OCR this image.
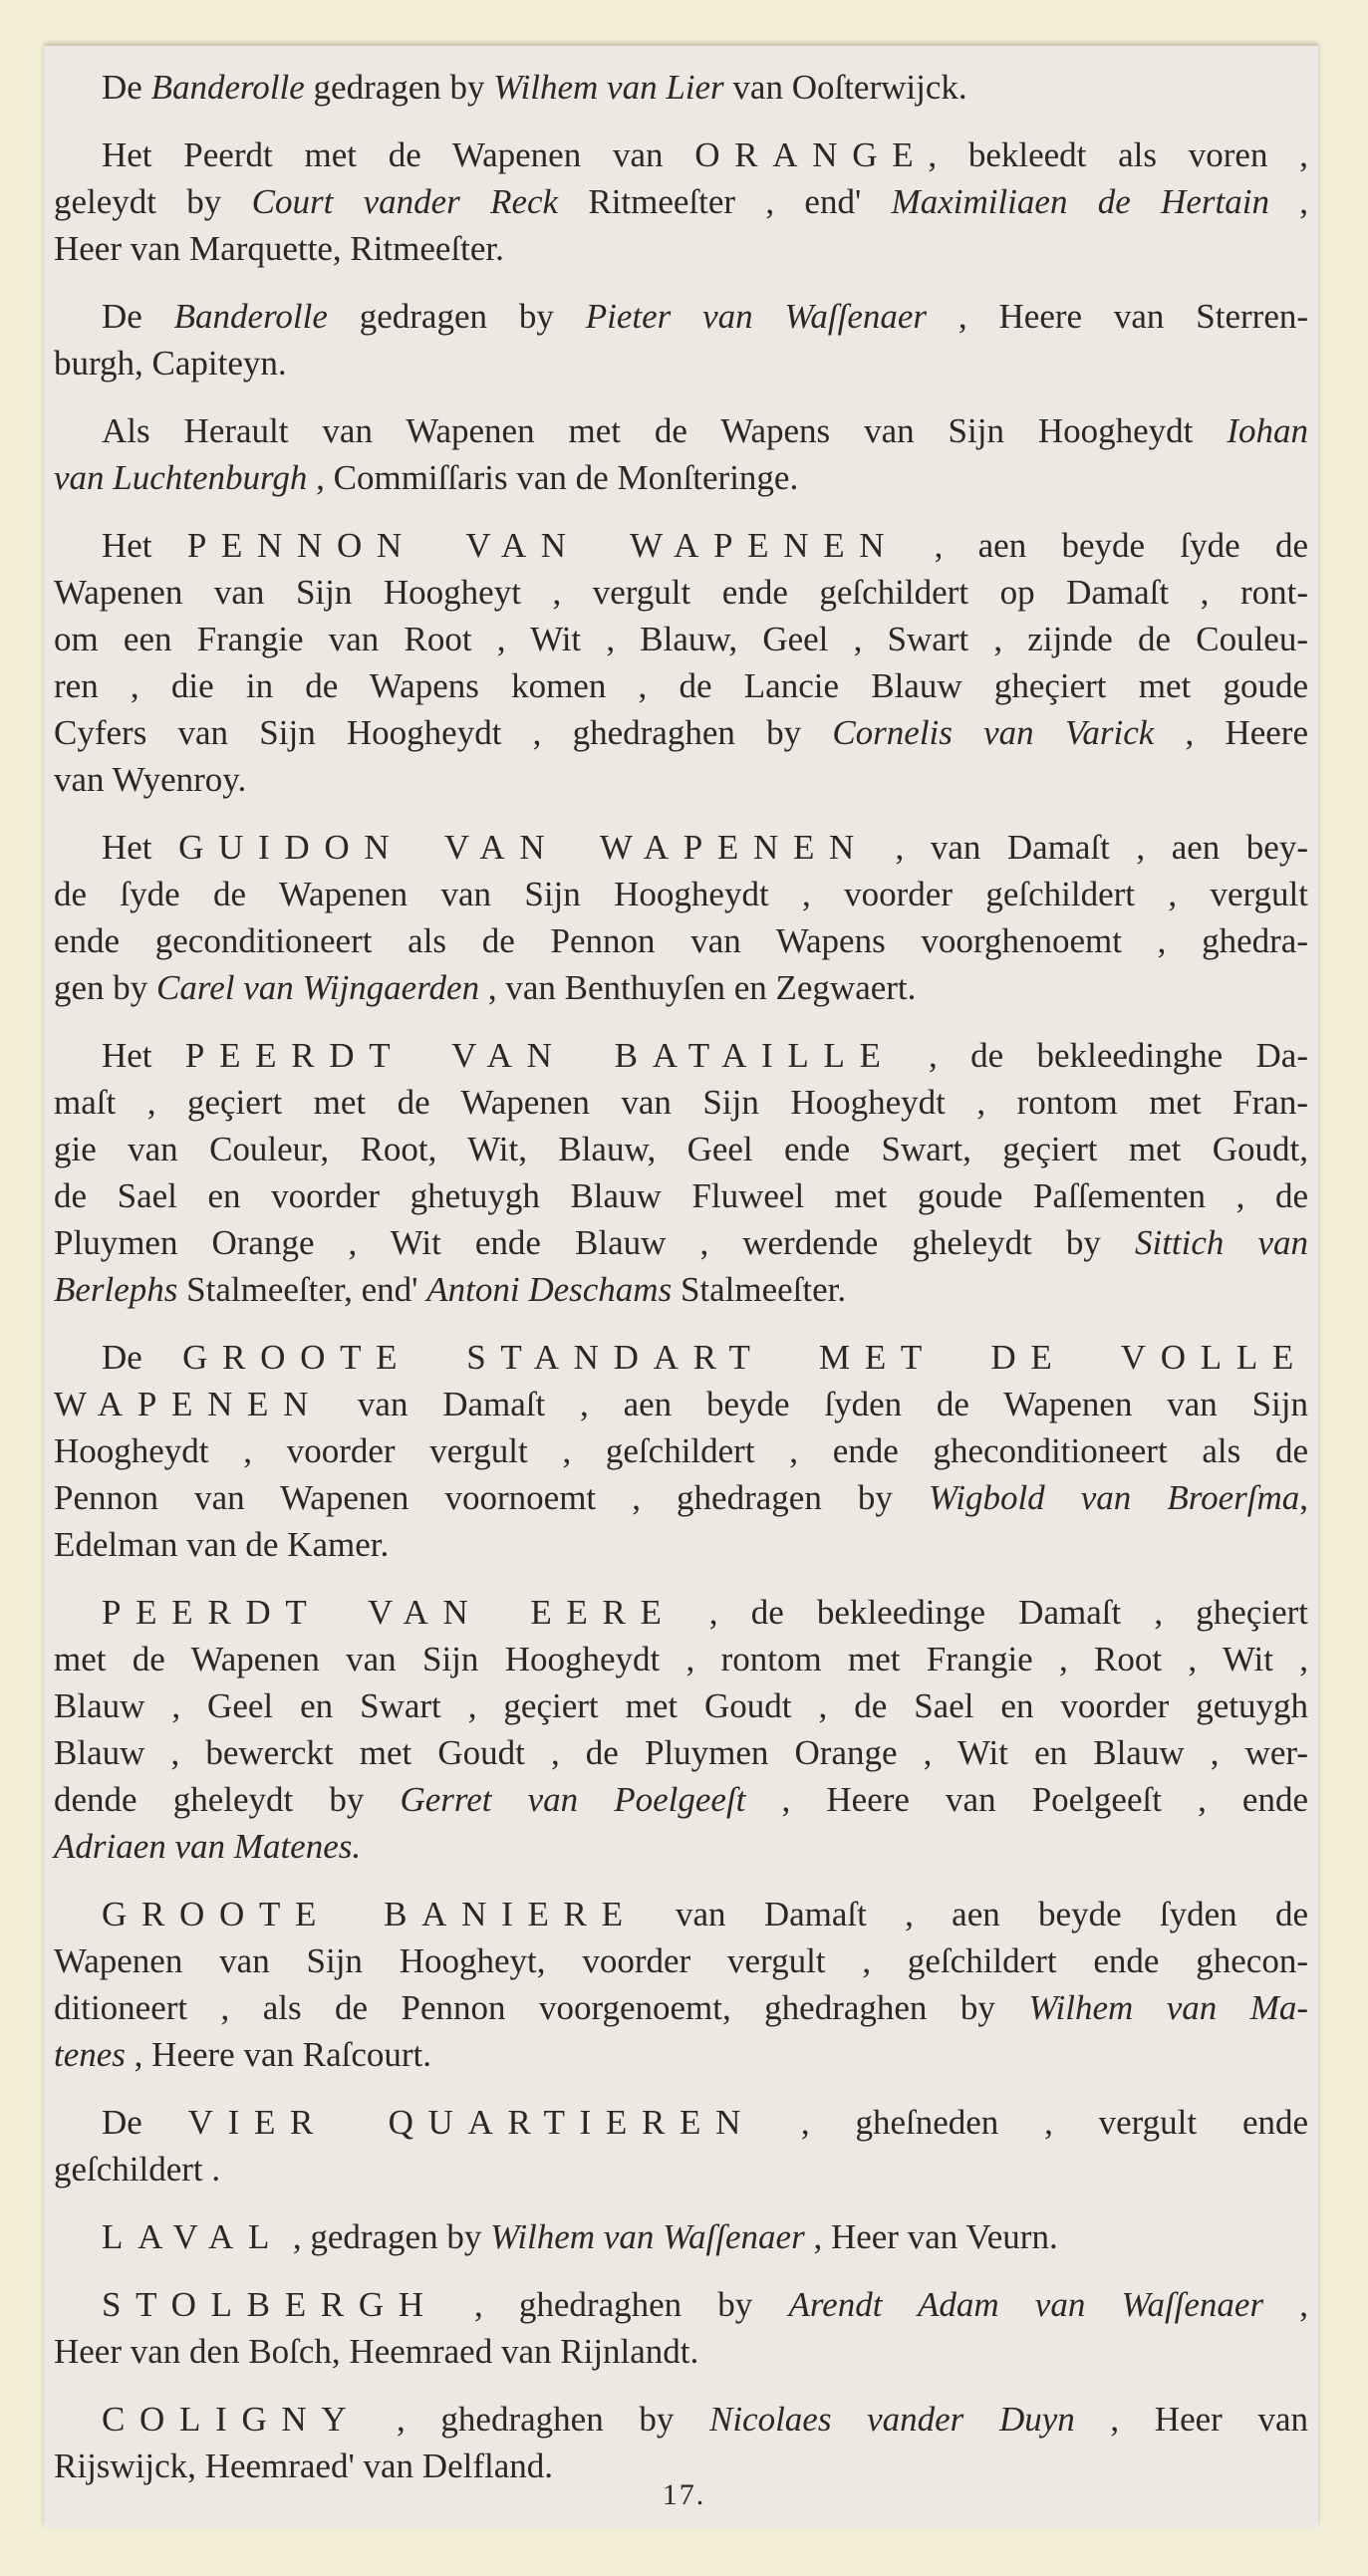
De Banderolle gedragen by Wilhem van Lier van Ooſterwijck.
Het Peerdt met de Wapenen van ORANGE, bekleedt als voren ,
geleydt by Court vander Reck Ritmeeſter , end' Maximiliaen de Hertain ,
Heer van Marquette, Ritmeeſter.
De Banderolle gedragen by Pieter van Waſſenaer , Heere van Sterren-
burgh, Capiteyn.
Als Herault van Wapenen met de Wapens van Sijn Hoogheydt Iohan
van Luchtenburgh , Commiſſaris van de Monſteringe.
Het PENNON VAN WAPENEN , aen beyde ſyde de
Wapenen van Sijn Hoogheyt , vergult ende geſchildert op Damaſt , ront-
om een Frangie van Root , Wit , Blauw, Geel , Swart , zijnde de Couleu-
ren , die in de Wapens komen , de Lancie Blauw gheçiert met goude
Cyfers van Sijn Hoogheydt , ghedraghen by Cornelis van Varick , Heere
van Wyenroy.
Het GUIDON VAN WAPENEN , van Damaſt , aen bey-
de ſyde de Wapenen van Sijn Hoogheydt , voorder geſchildert , vergult
ende geconditioneert als de Pennon van Wapens voorghenoemt , ghedra-
gen by Carel van Wijngaerden , van Benthuyſen en Zegwaert.
Het PEERDT VAN BATAILLE , de bekleedinghe Da-
maſt , geçiert met de Wapenen van Sijn Hoogheydt , rontom met Fran-
gie van Couleur, Root, Wit, Blauw, Geel ende Swart, geçiert met Goudt,
de Sael en voorder ghetuygh Blauw Fluweel met goude Paſſementen , de
Pluymen Orange , Wit ende Blauw , werdende gheleydt by Sittich van
Berlephs Stalmeeſter, end' Antoni Deschams Stalmeeſter.
De GROOTE STANDART MET DE VOLLE
WAPENEN van Damaſt , aen beyde ſyden de Wapenen van Sijn
Hoogheydt , voorder vergult , geſchildert , ende gheconditioneert als de
Pennon van Wapenen voornoemt , ghedragen by Wigbold van Broerſma,
Edelman van de Kamer.
PEERDT VAN EERE , de bekleedinge Damaſt , gheçiert
met de Wapenen van Sijn Hoogheydt , rontom met Frangie , Root , Wit ,
Blauw , Geel en Swart , geçiert met Goudt , de Sael en voorder getuygh
Blauw , bewerckt met Goudt , de Pluymen Orange , Wit en Blauw , wer-
dende gheleydt by Gerret van Poelgeeſt , Heere van Poelgeeſt , ende
Adriaen van Matenes.
GROOTE BANIERE van Damaſt , aen beyde ſyden de
Wapenen van Sijn Hoogheyt, voorder vergult , geſchildert ende ghecon-
ditioneert , als de Pennon voorgenoemt, ghedraghen by Wilhem van Ma-
tenes , Heere van Raſcourt.
De VIER QUARTIEREN , gheſneden , vergult ende
geſchildert .
LAVAL , gedragen by Wilhem van Waſſenaer , Heer van Veurn.
STOLBERGH , ghedraghen by Arendt Adam van Waſſenaer ,
Heer van den Boſch, Heemraed van Rijnlandt.
COLIGNY , ghedraghen by Nicolaes vander Duyn , Heer van
Rijswijck, Heemraed' van Delfland.
17.
